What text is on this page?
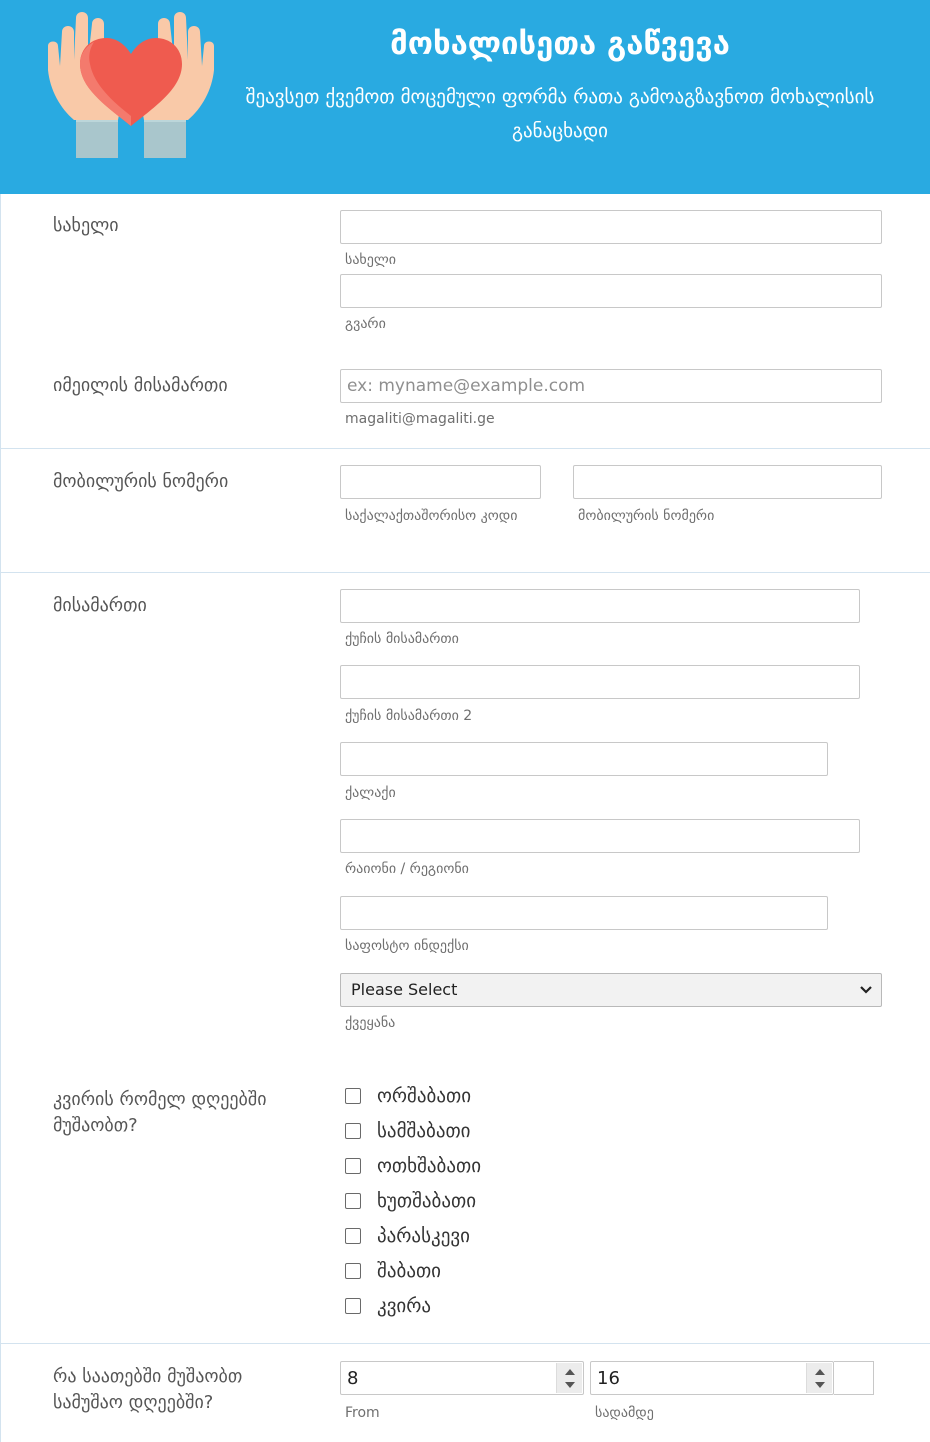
მოხალისეთა გაწვევა
შეავსეთ ქვემოთ მოცემული ფორმა რათა გამოაგზავნოთ მოხალისის განაცხადი
სახელი
სახელი
გვარი
იმეილის მისამართი
ex: myname@example.com
magaliti@magaliti.ge
მობილურის ნომერი
საქალაქთაშორისო კოდი	მობილურის ნომერი
მისამართი
ქუჩის მისამართი
ქუჩის მისამართი 2
ქალაქი
რაიონი / რეგიონი
საფოსტო ინდექსი
Please Select
ქვეყანა
კვირის რომელ დღეებში მუშაობთ?
ორშაბათი
სამშაბათი
ოთხშაბათი
ხუთშაბათი
პარასკევი
შაბათი
კვირა
რა საათებში მუშაობთ სამუშაო დღეებში?
8
From
16
სადამდე
